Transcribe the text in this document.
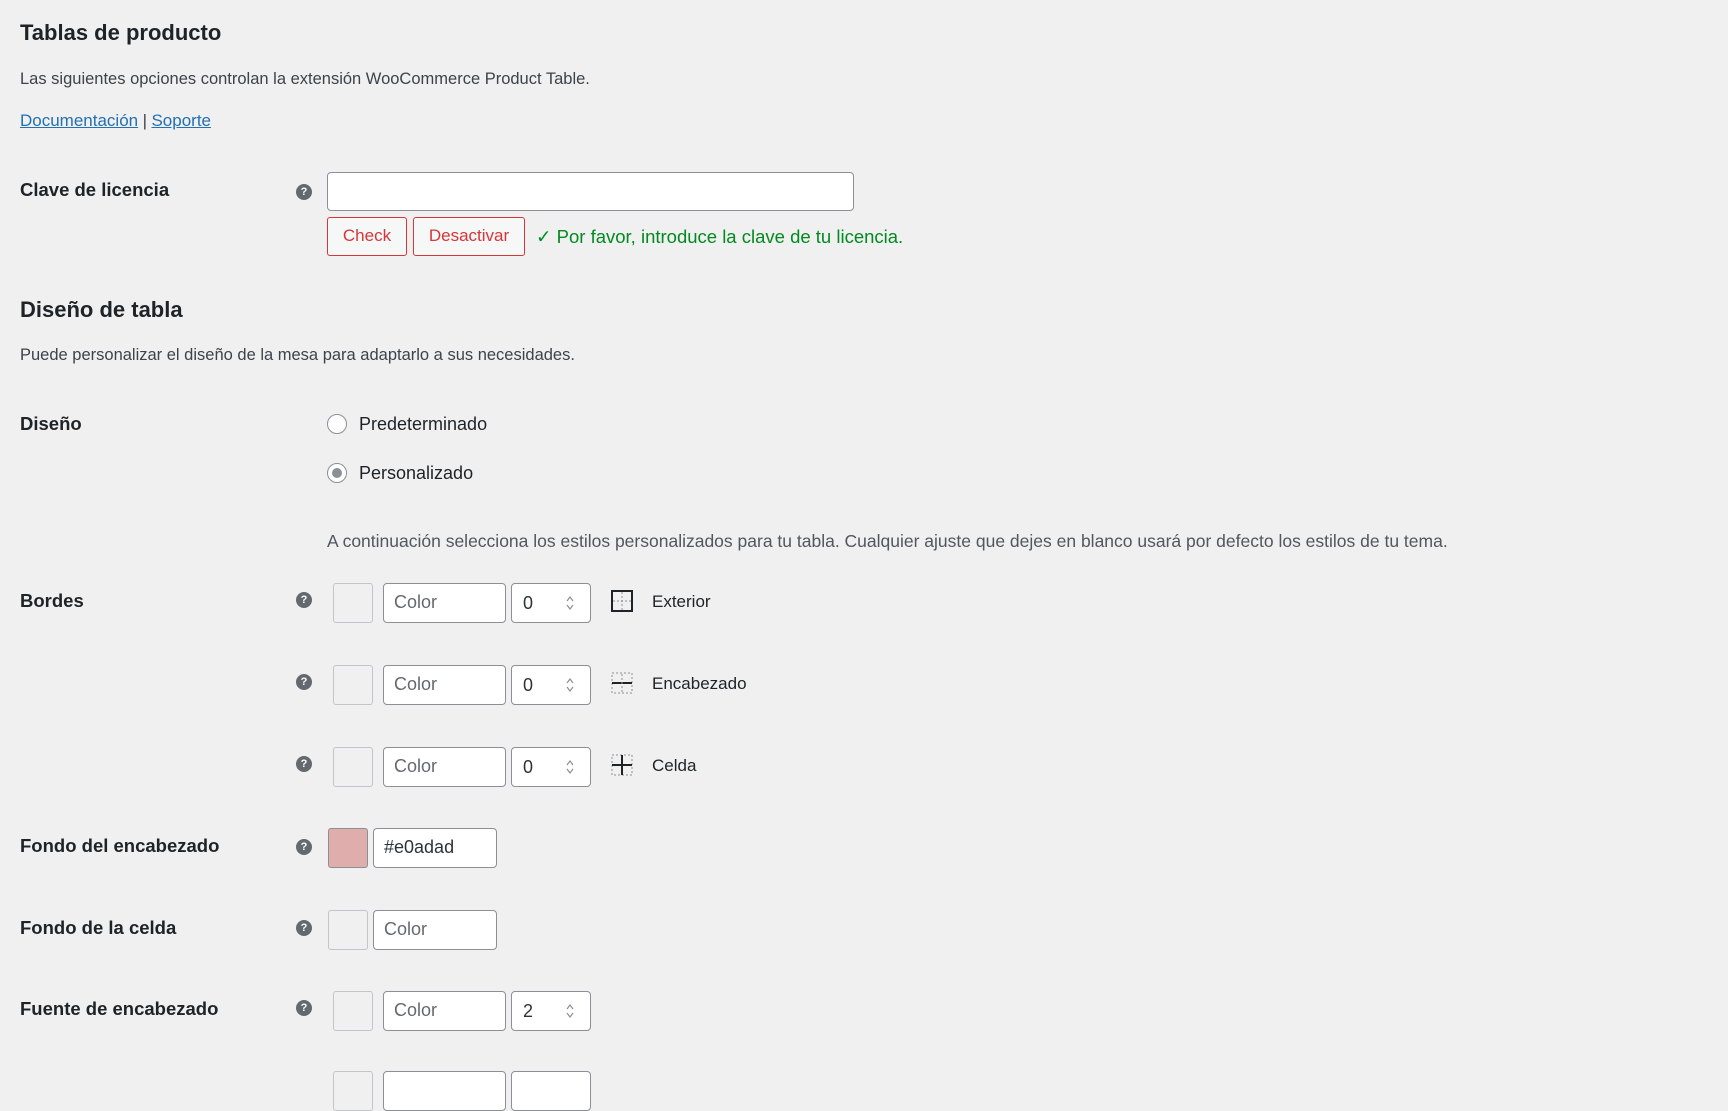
Tablas de producto
Las siguientes opciones controlan la extensión WooCommerce Product Table.
Documentación | Soporte
Clave de licencia	?
Check	Desactivar	✓ Por favor, introduce la clave de tu licencia.
Diseño de tabla
Puede personalizar el diseño de la mesa para adaptarlo a sus necesidades.
Diseño	Predeterminado
Personalizado
A continuación selecciona los estilos personalizados para tu tabla. Cualquier ajuste que dejes en blanco usará por defecto los estilos de tu tema.
Bordes	?	Color	0	Exterior
?	Color	0	Encabezado
?	Color	0	Celda
Fondo del encabezado	?	#e0adad
Fondo de la celda	?	Color
Fuente de encabezado	?	Color	2
